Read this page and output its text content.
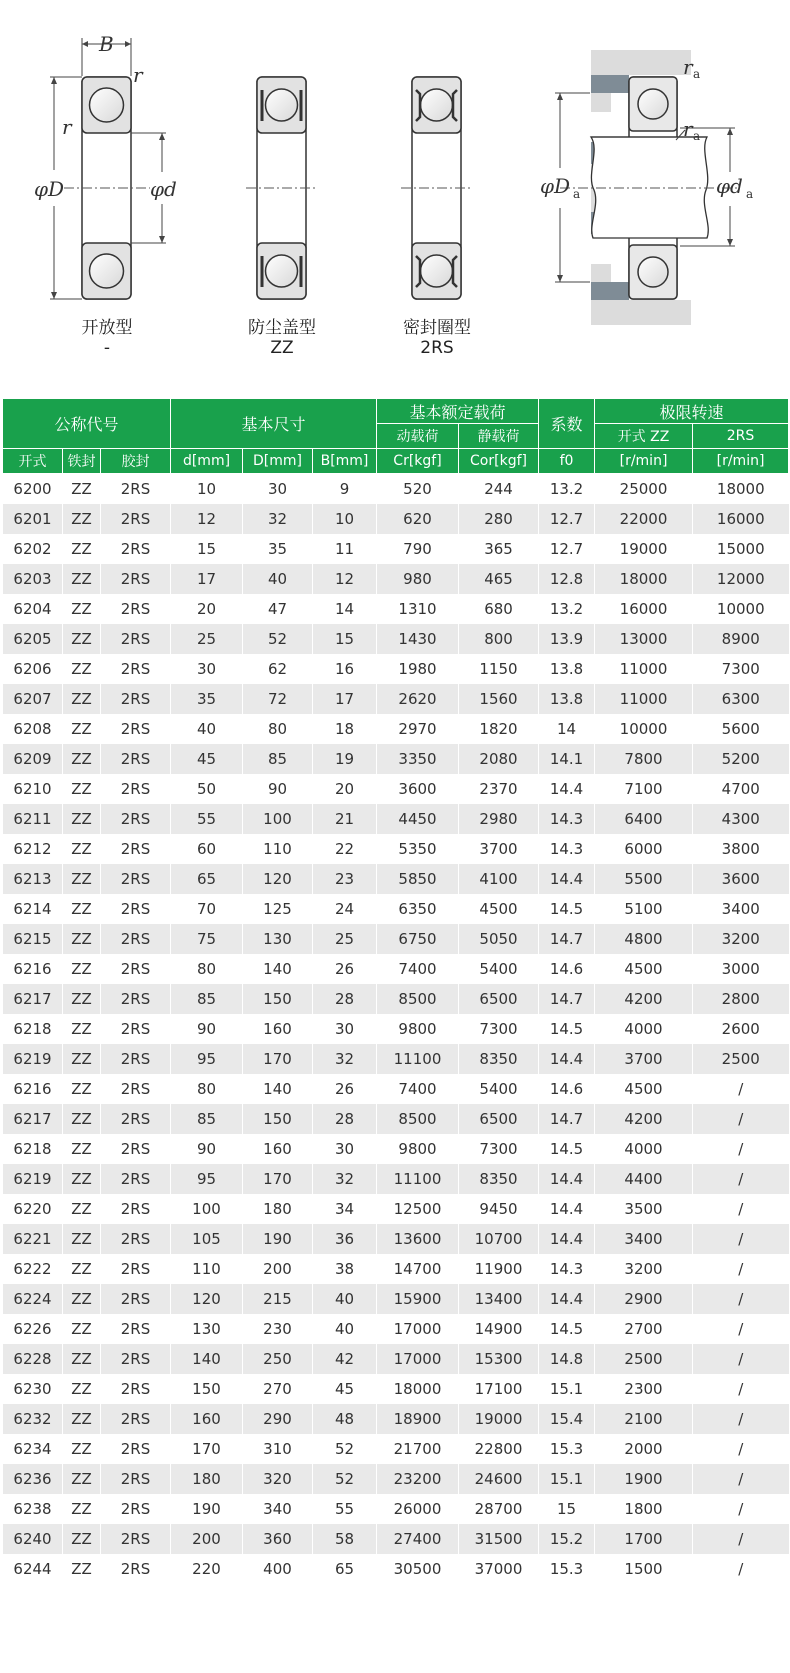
B
φD	φd
r
r
φD a	φd a
r a
r a
开放型
-
防尘盖型
ZZ
密封圈型
2RS
公称代号			基本尺寸			基本额定载荷		系数	极限转速	
						动载荷	静载荷		开式 ZZ	2RS
开式	铁封	胶封	d[mm]	D[mm]	B[mm]	Cr[kgf]	Cor[kgf]	f0	[r/min]	[r/min]
6200	ZZ	2RS	10	30	9	520	244	13.2	25000	18000
6201	ZZ	2RS	12	32	10	620	280	12.7	22000	16000
6202	ZZ	2RS	15	35	11	790	365	12.7	19000	15000
6203	ZZ	2RS	17	40	12	980	465	12.8	18000	12000
6204	ZZ	2RS	20	47	14	1310	680	13.2	16000	10000
6205	ZZ	2RS	25	52	15	1430	800	13.9	13000	8900
6206	ZZ	2RS	30	62	16	1980	1150	13.8	11000	7300
6207	ZZ	2RS	35	72	17	2620	1560	13.8	11000	6300
6208	ZZ	2RS	40	80	18	2970	1820	14	10000	5600
6209	ZZ	2RS	45	85	19	3350	2080	14.1	7800	5200
6210	ZZ	2RS	50	90	20	3600	2370	14.4	7100	4700
6211	ZZ	2RS	55	100	21	4450	2980	14.3	6400	4300
6212	ZZ	2RS	60	110	22	5350	3700	14.3	6000	3800
6213	ZZ	2RS	65	120	23	5850	4100	14.4	5500	3600
6214	ZZ	2RS	70	125	24	6350	4500	14.5	5100	3400
6215	ZZ	2RS	75	130	25	6750	5050	14.7	4800	3200
6216	ZZ	2RS	80	140	26	7400	5400	14.6	4500	3000
6217	ZZ	2RS	85	150	28	8500	6500	14.7	4200	2800
6218	ZZ	2RS	90	160	30	9800	7300	14.5	4000	2600
6219	ZZ	2RS	95	170	32	11100	8350	14.4	3700	2500
6216	ZZ	2RS	80	140	26	7400	5400	14.6	4500	/
6217	ZZ	2RS	85	150	28	8500	6500	14.7	4200	/
6218	ZZ	2RS	90	160	30	9800	7300	14.5	4000	/
6219	ZZ	2RS	95	170	32	11100	8350	14.4	4400	/
6220	ZZ	2RS	100	180	34	12500	9450	14.4	3500	/
6221	ZZ	2RS	105	190	36	13600	10700	14.4	3400	/
6222	ZZ	2RS	110	200	38	14700	11900	14.3	3200	/
6224	ZZ	2RS	120	215	40	15900	13400	14.4	2900	/
6226	ZZ	2RS	130	230	40	17000	14900	14.5	2700	/
6228	ZZ	2RS	140	250	42	17000	15300	14.8	2500	/
6230	ZZ	2RS	150	270	45	18000	17100	15.1	2300	/
6232	ZZ	2RS	160	290	48	18900	19000	15.4	2100	/
6234	ZZ	2RS	170	310	52	21700	22800	15.3	2000	/
6236	ZZ	2RS	180	320	52	23200	24600	15.1	1900	/
6238	ZZ	2RS	190	340	55	26000	28700	15	1800	/
6240	ZZ	2RS	200	360	58	27400	31500	15.2	1700	/
6244	ZZ	2RS	220	400	65	30500	37000	15.3	1500	/
